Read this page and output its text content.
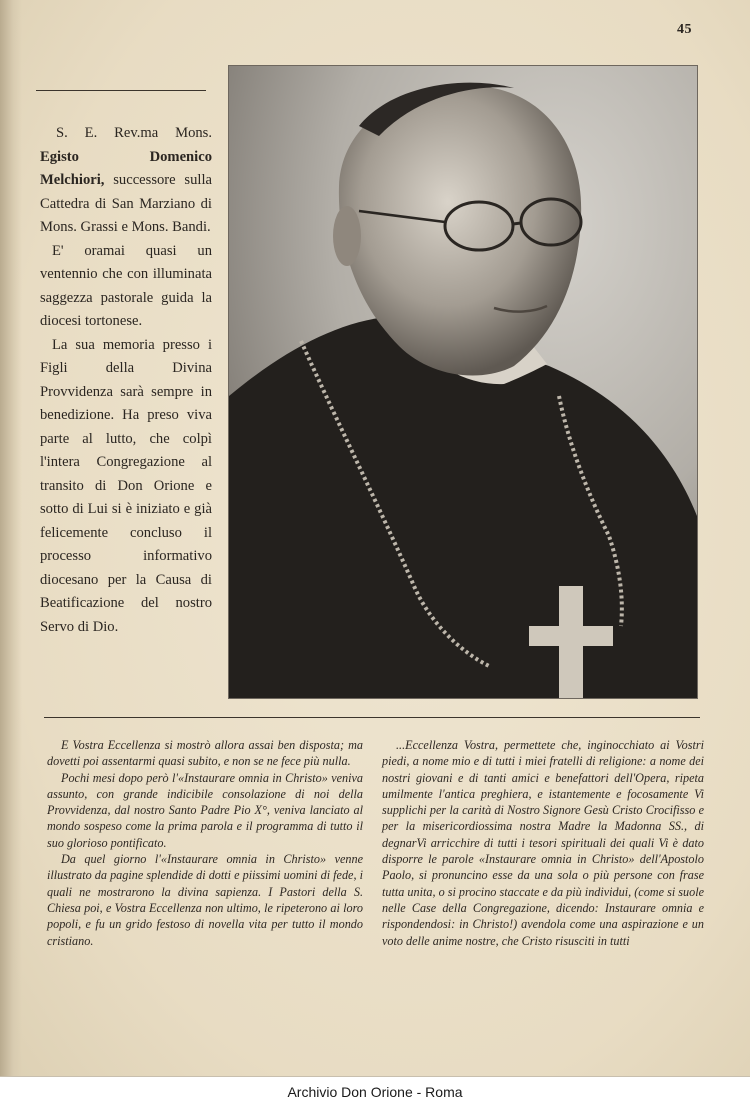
45

S. E. Rev.ma Mons. Egisto Domenico Melchiori, successore sulla Cattedra di San Marziano di Mons. Grassi e Mons. Bandi.

E' oramai quasi un ventennio che con illuminata saggezza pastorale guida la diocesi tortonese.

La sua memoria presso i Figli della Divina Provvidenza sarà sempre in benedizione. Ha preso viva parte al lutto, che colpì l'intera Congregazione al transito di Don Orione e sotto di Lui si è iniziato e già felicemente concluso il processo informativo diocesano per la Causa di Beatificazione del nostro Servo di Dio.

E Vostra Eccellenza si mostrò allora assai ben disposta; ma dovetti poi assentarmi quasi subito, e non se ne fece più nulla.

Pochi mesi dopo però l'«Instaurare omnia in Christo» veniva assunto, con grande indicibile consolazione di noi della Provvidenza, dal nostro Santo Padre Pio X°, veniva lanciato al mondo sospeso come la prima parola e il programma di tutto il suo glorioso pontificato.

Da quel giorno l'«Instaurare omnia in Christo» venne illustrato da pagine splendide di dotti e piissimi uomini di fede, i quali ne mostrarono la divina sapienza. I Pastori della S. Chiesa poi, e Vostra Eccellenza non ultimo, le ripeterono ai loro popoli, e fu un grido festoso di novella vita per tutto il mondo cristiano.

...Eccellenza Vostra, permettete che, inginocchiato ai Vostri piedi, a nome mio e di tutti i miei fratelli di religione: a nome dei nostri giovani e di tanti amici e benefattori dell'Opera, ripeta umilmente l'antica preghiera, e istantemente e focosamente Vi supplichi per la carità di Nostro Signore Gesù Cristo Crocifisso e per la misericordiossima nostra Madre la Madonna SS., di degnarVi arricchire di tutti i tesori spirituali dei quali Vi è dato disporre le parole «Instaurare omnia in Christo» dell'Apostolo Paolo, si pronuncino esse da una sola o più persone con frase tutta unita, o si procino staccate e da più individui, (come si suole nelle Case della Congregazione, dicendo: Instaurare omnia e rispondendosi: in Christo!) avendola come una aspirazione e un voto delle anime nostre, che Cristo risusciti in tutti

Archivio Don Orione - Roma
